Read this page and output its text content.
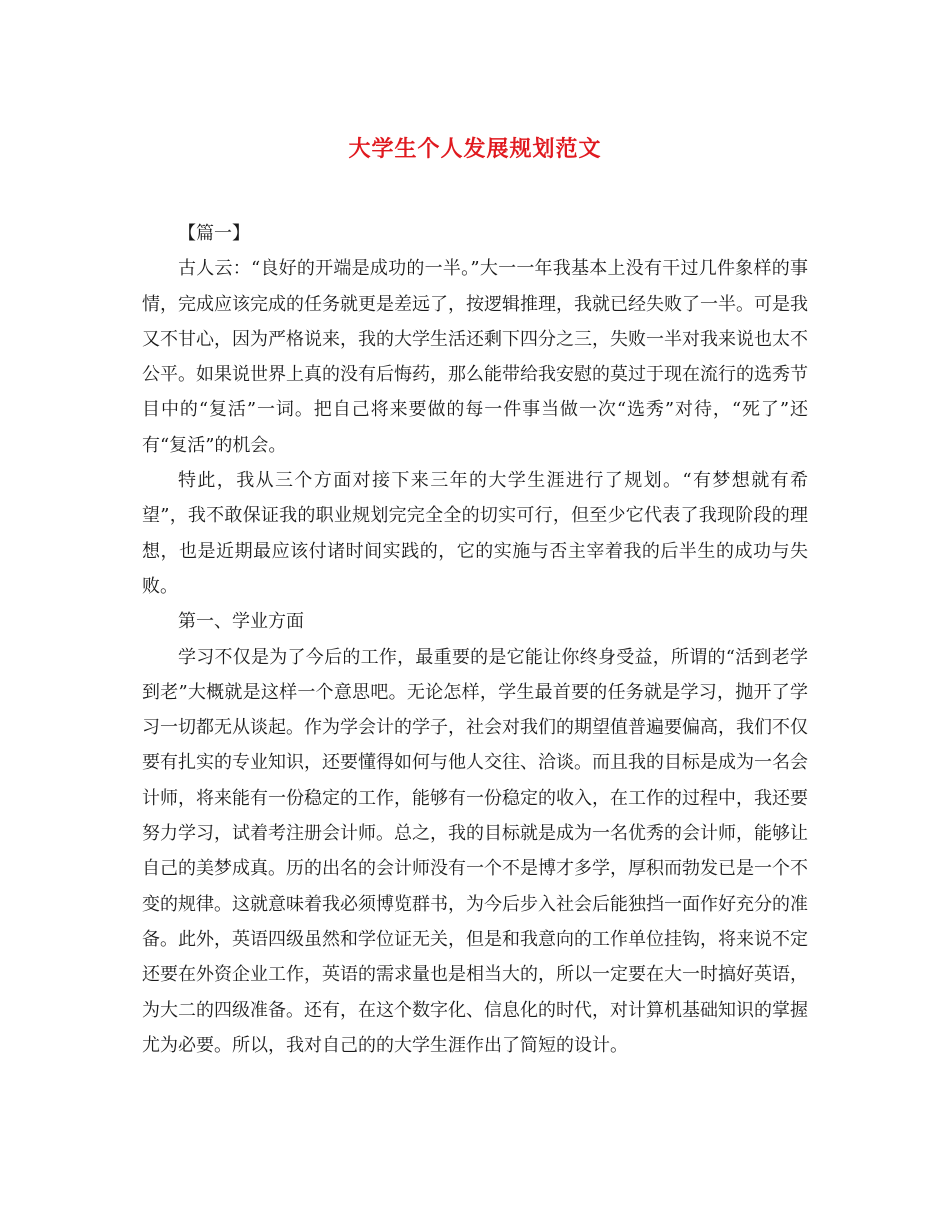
大学生个人发展规划范文

【篇一】

古人云：“良好的开端是成功的一半。”大一一年我基本上没有干过几件象样的事情，完成应该完成的任务就更是差远了，按逻辑推理，我就已经失败了一半。可是我又不甘心，因为严格说来，我的大学生活还剩下四分之三，失败一半对我来说也太不公平。如果说世界上真的没有后悔药，那么能带给我安慰的莫过于现在流行的选秀节目中的“复活”一词。把自己将来要做的每一件事当做一次“选秀”对待，“死了”还有“复活”的机会。

特此，我从三个方面对接下来三年的大学生涯进行了规划。“有梦想就有希望”，我不敢保证我的职业规划完完全全的切实可行，但至少它代表了我现阶段的理想，也是近期最应该付诸时间实践的，它的实施与否主宰着我的后半生的成功与失败。

第一、学业方面

学习不仅是为了今后的工作，最重要的是它能让你终身受益，所谓的“活到老学到老”大概就是这样一个意思吧。无论怎样，学生最首要的任务就是学习，抛开了学习一切都无从谈起。作为学会计的学子，社会对我们的期望值普遍要偏高，我们不仅要有扎实的专业知识，还要懂得如何与他人交往、洽谈。而且我的目标是成为一名会计师，将来能有一份稳定的工作，能够有一份稳定的收入，在工作的过程中，我还要努力学习，试着考注册会计师。总之，我的目标就是成为一名优秀的会计师，能够让自己的美梦成真。历的出名的会计师没有一个不是博才多学，厚积而勃发已是一个不变的规律。这就意味着我必须博览群书，为今后步入社会后能独挡一面作好充分的准备。此外，英语四级虽然和学位证无关，但是和我意向的工作单位挂钩，将来说不定还要在外资企业工作，英语的需求量也是相当大的，所以一定要在大一时搞好英语，为大二的四级准备。还有，在这个数字化、信息化的时代，对计算机基础知识的掌握尤为必要。所以，我对自己的的大学生涯作出了简短的设计。
